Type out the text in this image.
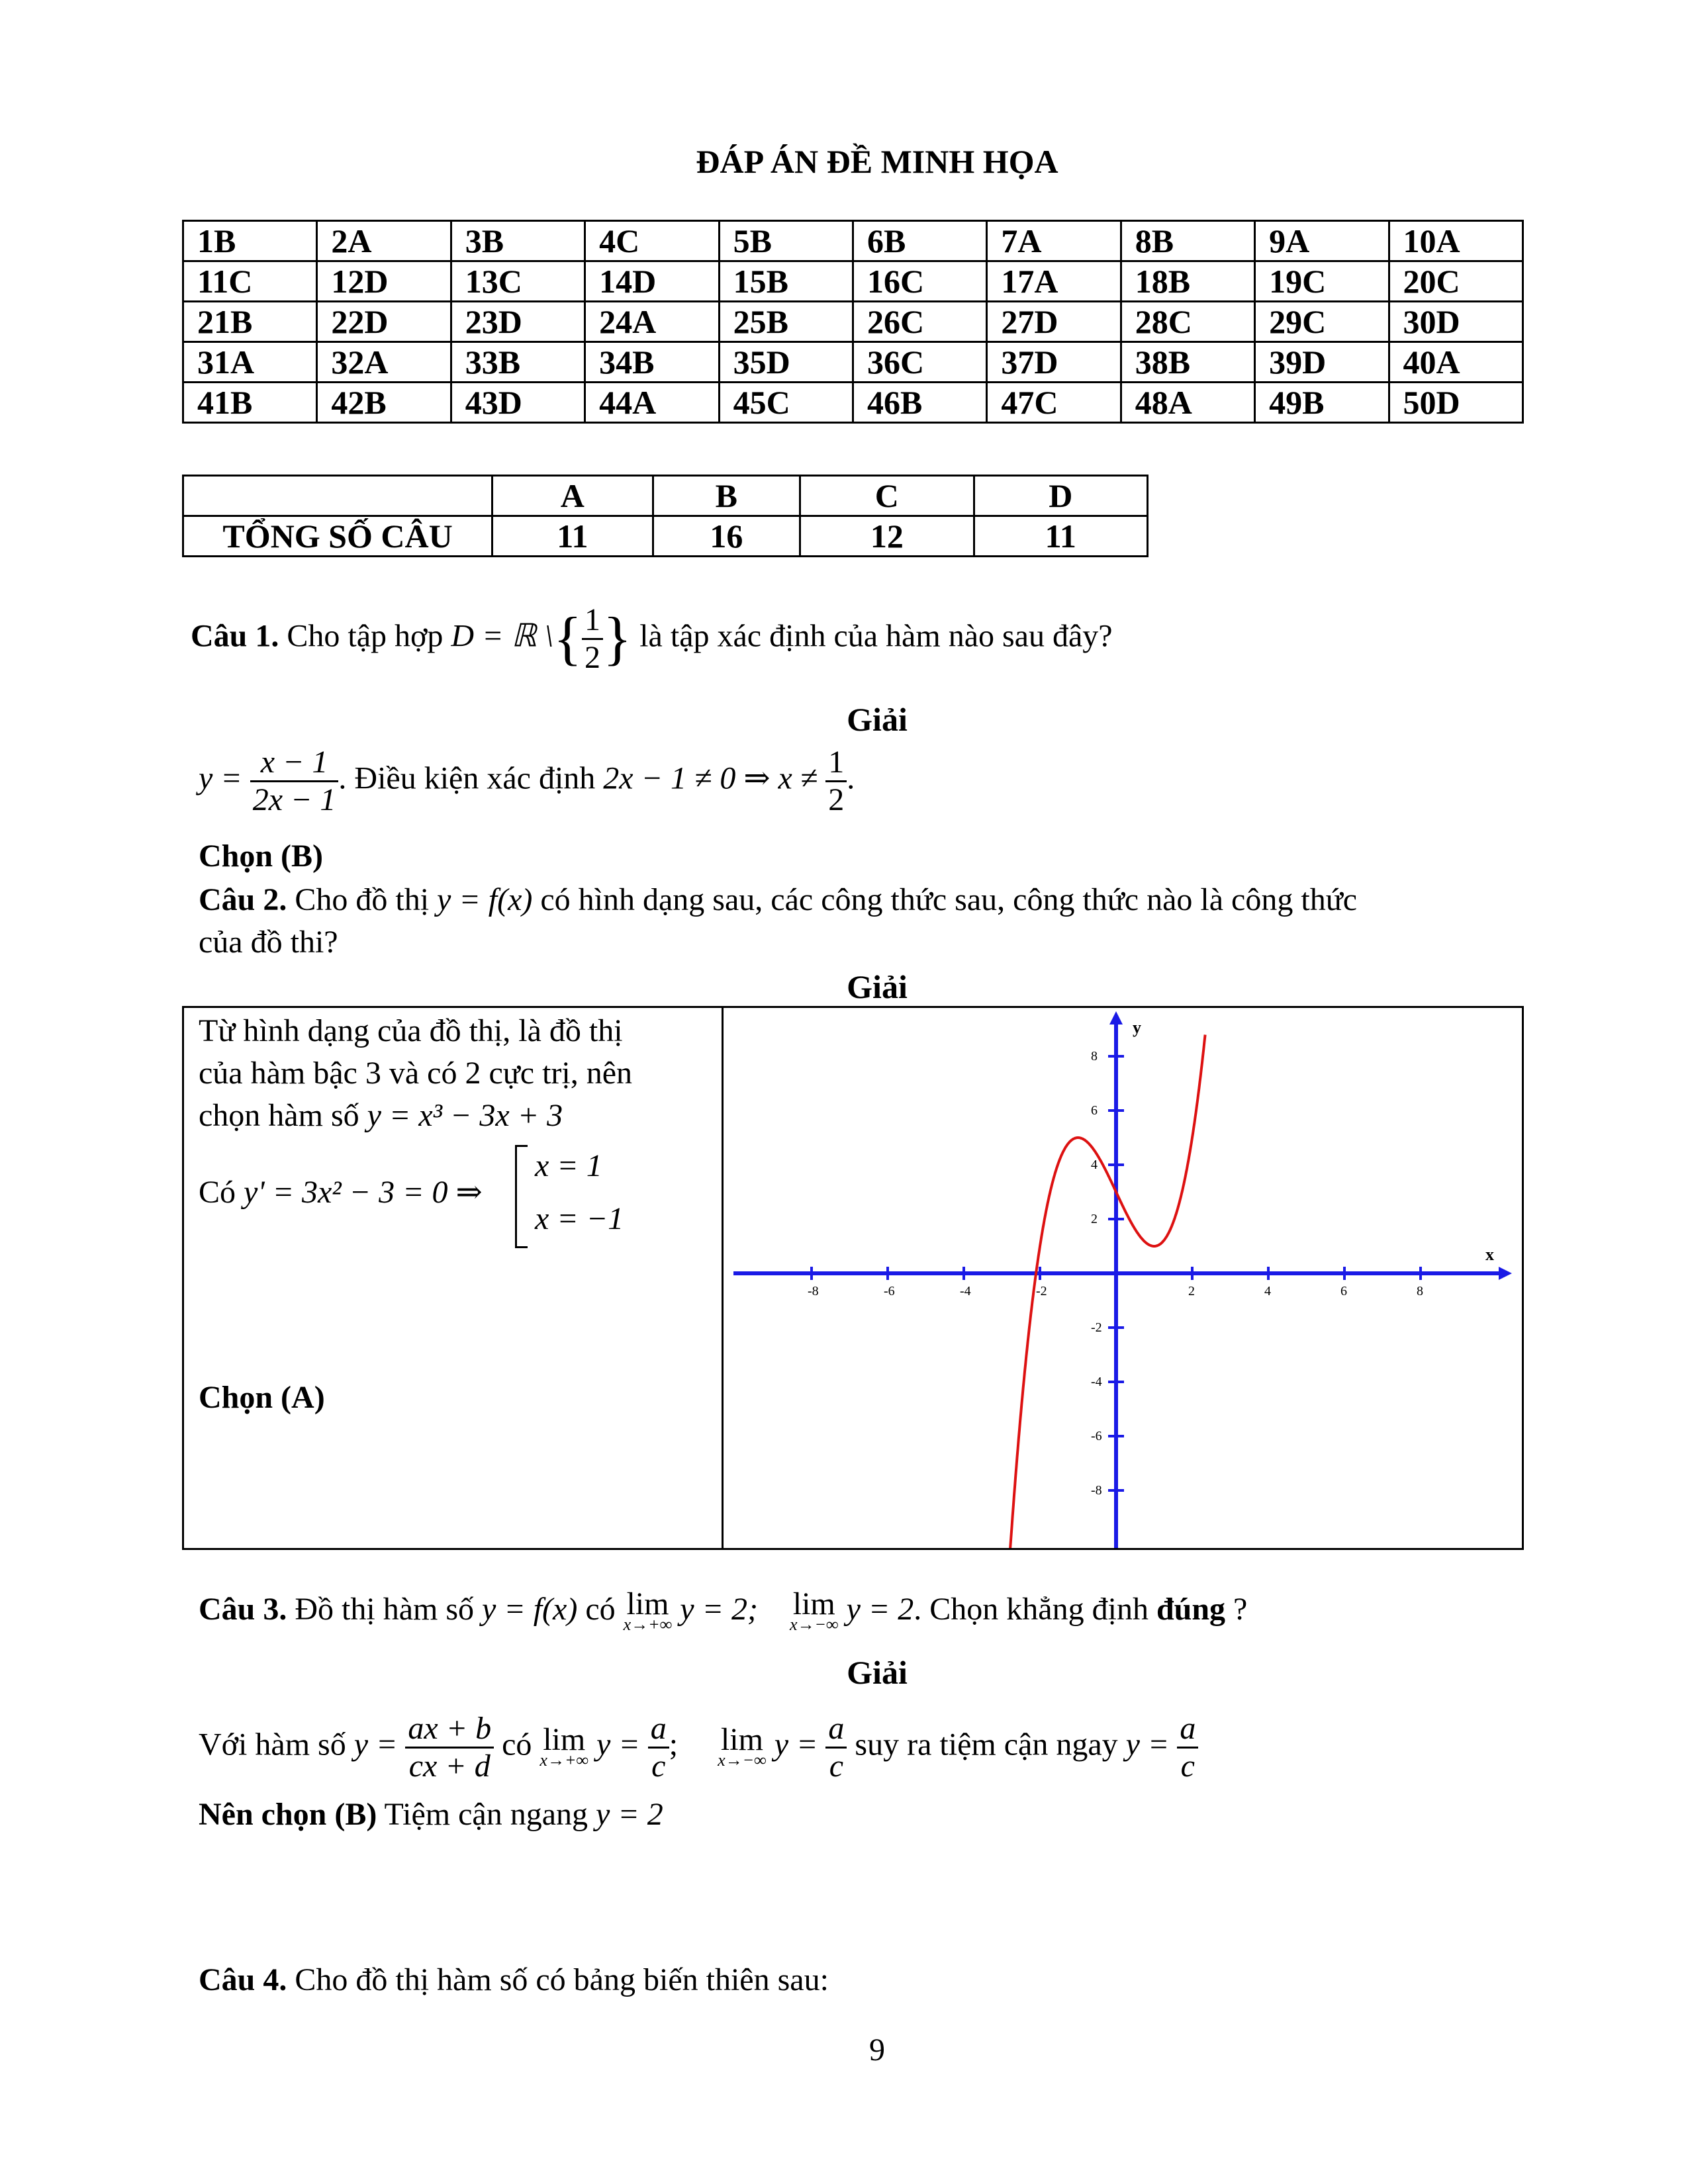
ĐÁP ÁN ĐỀ MINH HỌA
1B	2A	3B	4C	5B	6B	7A	8B	9A	10A
11C	12D	13C	14D	15B	16C	17A	18B	19C	20C
21B	22D	23D	24A	25B	26C	27D	28C	29C	30D
31A	32A	33B	34B	35D	36C	37D	38B	39D	40A
41B	42B	43D	44A	45C	46B	47C	48A	49B	50D
	A	B	C	D
TỔNG SỐ CÂU	11	16	12	11
Câu 1. Cho tập hợp D = ℝ \{ $\frac{1}{2}$ } là tập xác định của hàm nào sau đây?
Giải
$y = \frac{x - 1}{2x - 1}$ . Điều kiện xác định 2x − 1 ≠ 0 ⇒ $x \ne \frac{1}{2}$ .
Chọn (B)
Câu 2. Cho đồ thị y = f(x) có hình dạng sau, các công thức sau, công thức nào là công thức
của đồ thi?
Giải
Từ hình dạng của đồ thị, là đồ thị
của hàm bậc 3 và có 2 cực trị, nên
chọn hàm số y = x³ − 3x + 3
Có y' = 3x² − 3 = 0 ⇒
x = 1
x = −1
Chọn (A)
x
y
-8	-6	-4	-2	2	4	6	8
-8
-6
-4
-2
2
4
6
8
Câu 3. Đồ thị hàm số y = f(x) có lim
x→+∞ y = 2; lim
x→−∞ y = 2. Chọn khẳng định đúng ?
Giải
Với hàm số $y = \frac{ax + b}{cx + d}$ có lim
x→+∞ $y = \frac{a}{c}$ ; lim
x→−∞ $y = \frac{a}{c}$ suy ra tiệm cận ngay $y = \frac{a}{c}$
Nên chọn (B) Tiệm cận ngang y = 2
Câu 4. Cho đồ thị hàm số có bảng biến thiên sau:
9
